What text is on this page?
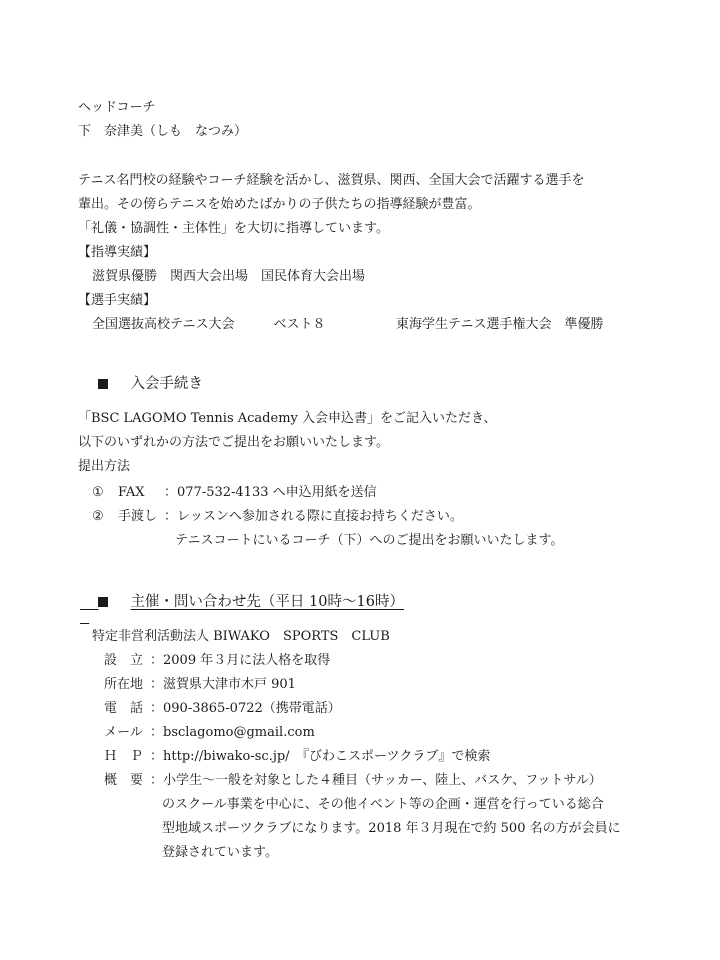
ヘッドコーチ
下　奈津美（しも　なつみ）
テニス名門校の経験やコーチ経験を活かし、滋賀県、関西、全国大会で活躍する選手を
輩出。その傍らテニスを始めたばかりの子供たちの指導経験が豊富。
「礼儀・協調性・主体性」を大切に指導しています。
【指導実績】
滋賀県優勝　関西大会出場　国民体育大会出場
【選手実績】
全国選抜高校テニス大会　　　ベスト８	東海学生テニス選手権大会　準優勝

入会手続き

「BSC LAGOMO Tennis Academy 入会申込書」をご記入いただき、
以下のいずれかの方法でご提出をお願いいたします。
提出方法
① FAX ：077-532-4133 へ申込用紙を送信
② 手渡し ：レッスンへ参加される際に直接お持ちください。
テニスコートにいるコーチ（下）へのご提出をお願いいたします。

主催・問い合わせ先（平日 10時～16時）

特定非営利活動法人 BIWAKO　SPORTS　CLUB
設　立 ：2009 年３月に法人格を取得
所在地 ：滋賀県大津市木戸 901
電　話 ：090-3865-0722（携帯電話）
メール ：bsclagomo@gmail.com
Ｈ　Ｐ ：http://biwako-sc.jp/　『びわこスポーツクラブ』で検索
概　要 ：小学生～一般を対象とした４種目（サッカー、陸上、バスケ、フットサル）
のスクール事業を中心に、その他イベント等の企画・運営を行っている総合
型地域スポーツクラブになります。2018 年３月現在で約 500 名の方が会員に
登録されています。
